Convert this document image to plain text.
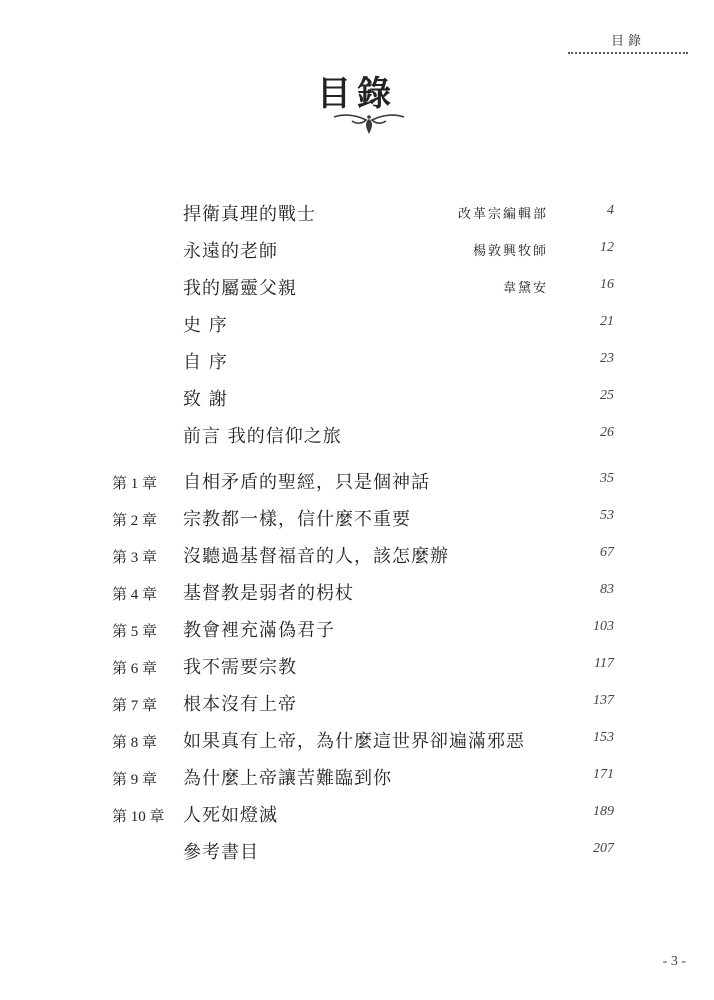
目錄
目錄
捍衛真理的戰士	改革宗編輯部	4
永遠的老師	楊敦興牧師	12
我的屬靈父親	韋黛安	16
史 序	21
自 序	23
致 謝	25
前言 我的信仰之旅	26
第 1 章 自相矛盾的聖經，只是個神話	35
第 2 章 宗教都一樣，信什麼不重要	53
第 3 章 沒聽過基督福音的人，該怎麼辦	67
第 4 章 基督教是弱者的枴杖	83
第 5 章 教會裡充滿偽君子	103
第 6 章 我不需要宗教	117
第 7 章 根本沒有上帝	137
第 8 章 如果真有上帝，為什麼這世界卻遍滿邪惡	153
第 9 章 為什麼上帝讓苦難臨到你	171
第 10 章 人死如燈滅	189
參考書目	207
- 3 -
